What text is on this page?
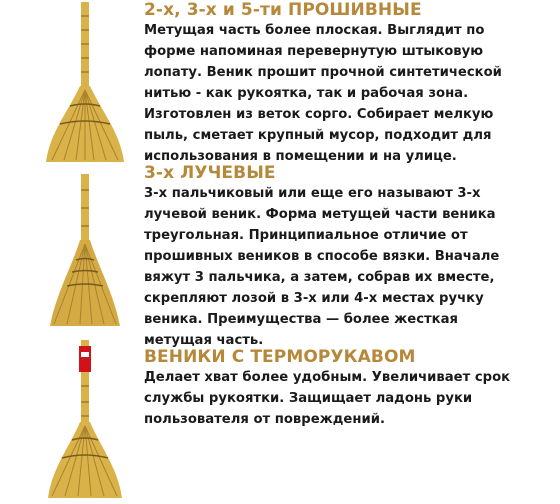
2-х, 3-х и 5-ти ПРОШИВНЫЕ
Метущая часть более плоская. Выглядит по
форме напоминая перевернутую штыковую
лопату. Веник прошит прочной синтетической
нитью - как рукоятка, так и рабочая зона.
Изготовлен из веток сорго. Собирает мелкую
пыль, сметает крупный мусор, подходит для
использования в помещении и на улице.
3-х ЛУЧЕВЫЕ
3-х пальчиковый или еще его называют 3-х
лучевой веник. Форма метущей части веника
треугольная. Принципиальное отличие от
прошивных веников в способе вязки. Вначале
вяжут 3 пальчика, а затем, собрав их вместе,
скрепляют лозой в 3-х или 4-х местах ручку
веника. Преимущества — более жесткая
метущая часть.
ВЕНИКИ С ТЕРМОРУКАВОМ
Делает хват более удобным. Увеличивает срок
службы рукоятки. Защищает ладонь руки
пользователя от повреждений.
